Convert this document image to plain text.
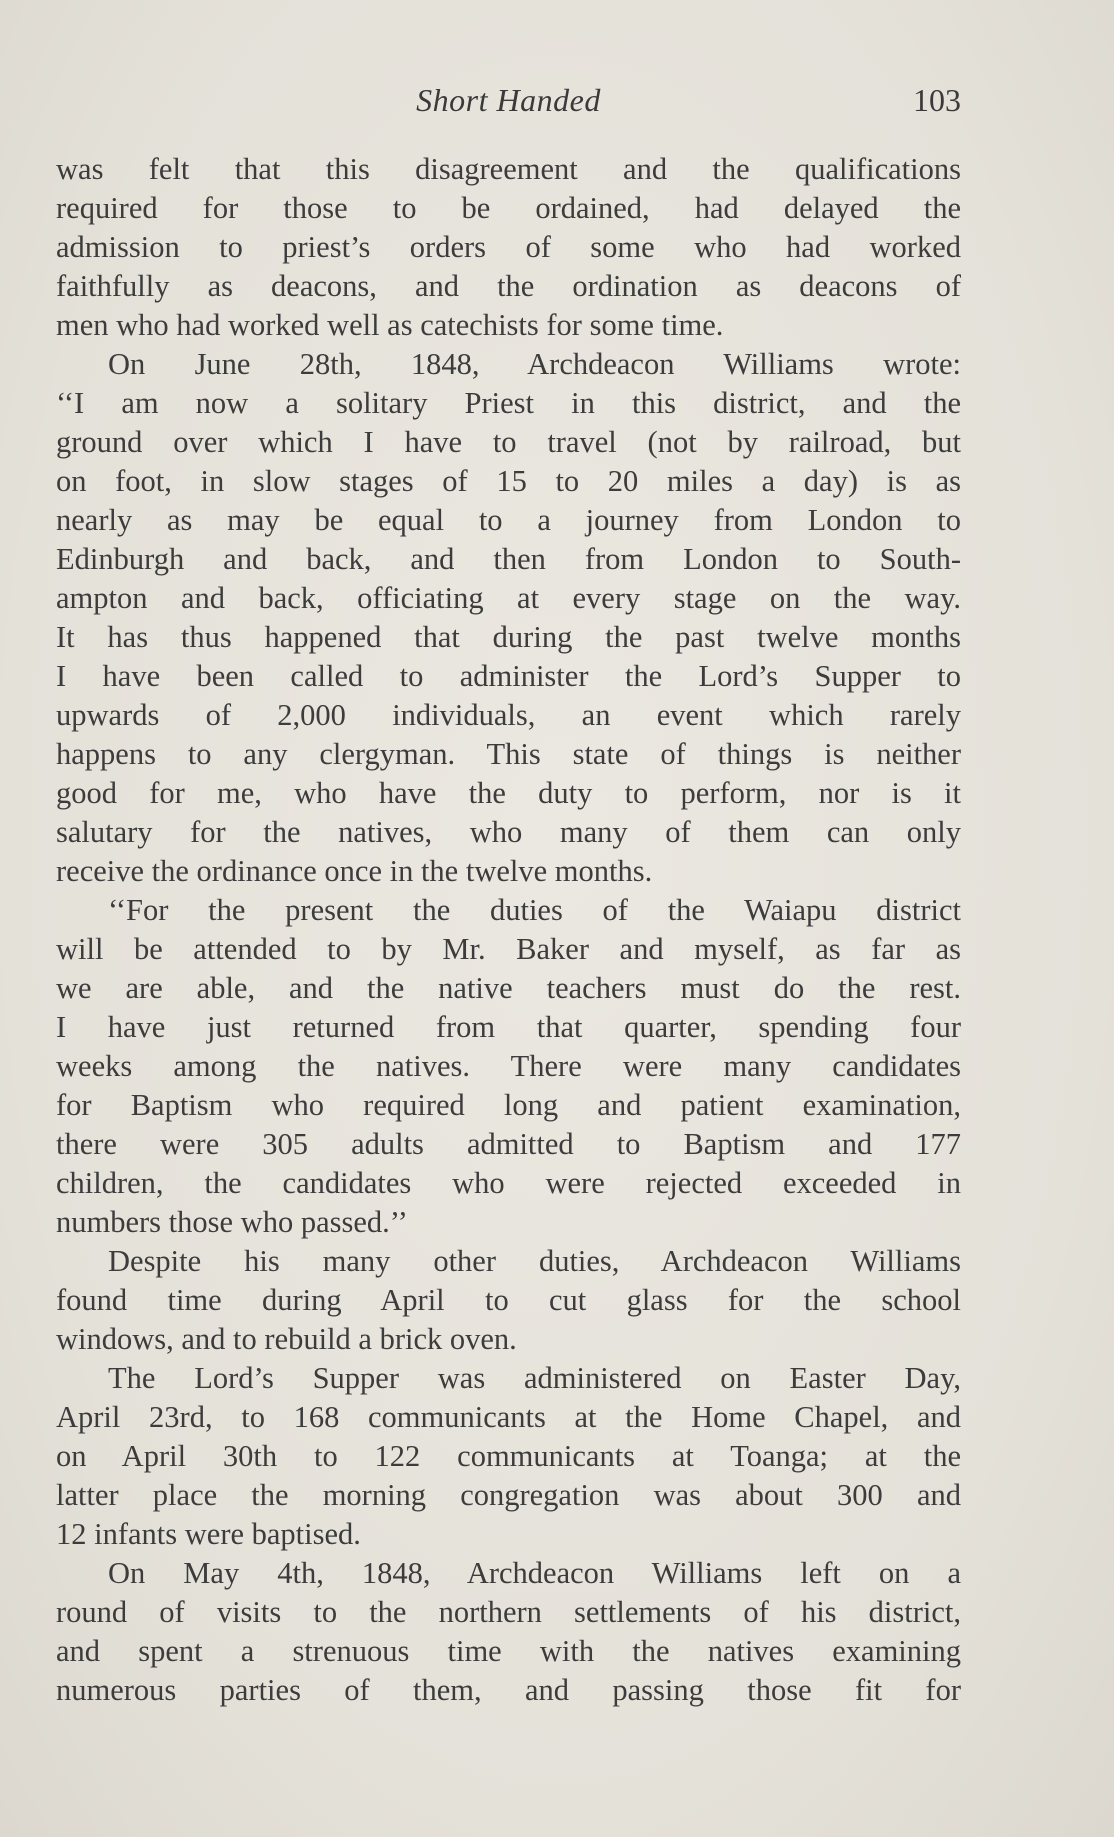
Short Handed	103
was felt that this disagreement and the qualifications
required for those to be ordained, had delayed the
admission to priest’s orders of some who had worked
faithfully as deacons, and the ordination as deacons of
men who had worked well as catechists for some time.
On June 28th, 1848, Archdeacon Williams wrote:
‘‘I am now a solitary Priest in this district, and the
ground over which I have to travel (not by railroad, but
on foot, in slow stages of 15 to 20 miles a day) is as
nearly as may be equal to a journey from London to
Edinburgh and back, and then from London to South-
ampton and back, officiating at every stage on the way.
It has thus happened that during the past twelve months
I have been called to administer the Lord’s Supper to
upwards of 2,000 individuals, an event which rarely
happens to any clergyman. This state of things is neither
good for me, who have the duty to perform, nor is it
salutary for the natives, who many of them can only
receive the ordinance once in the twelve months.
‘‘For the present the duties of the Waiapu district
will be attended to by Mr. Baker and myself, as far as
we are able, and the native teachers must do the rest.
I have just returned from that quarter, spending four
weeks among the natives. There were many candidates
for Baptism who required long and patient examination,
there were 305 adults admitted to Baptism and 177
children, the candidates who were rejected exceeded in
numbers those who passed.’’
Despite his many other duties, Archdeacon Williams
found time during April to cut glass for the school
windows, and to rebuild a brick oven.
The Lord’s Supper was administered on Easter Day,
April 23rd, to 168 communicants at the Home Chapel, and
on April 30th to 122 communicants at Toanga; at the
latter place the morning congregation was about 300 and
12 infants were baptised.
On May 4th, 1848, Archdeacon Williams left on a
round of visits to the northern settlements of his district,
and spent a strenuous time with the natives examining
numerous parties of them, and passing those fit for
